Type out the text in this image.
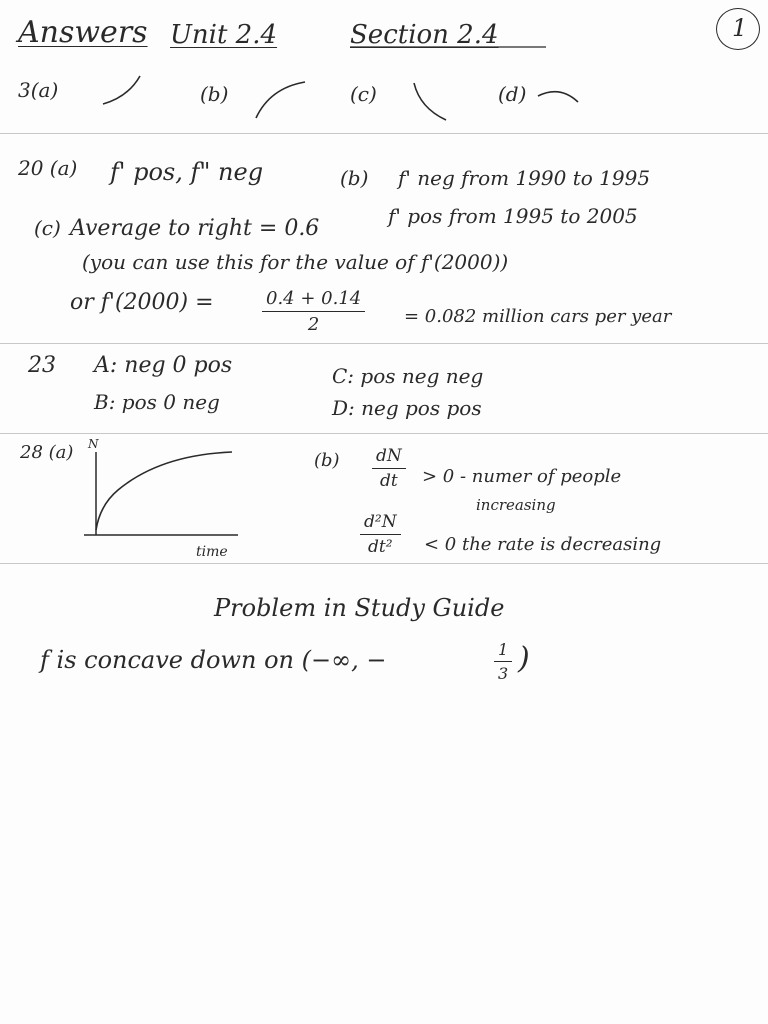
Answers Unit 2.4	Section 2.4	1
3(a)	(b)	(c)	(d)
20 (a) f' pos, f" neg	(b) f' neg from 1990 to 1995
f' pos from 1995 to 2005
(c) Average to right = 0.6
(you can use this for the value of f'(2000))
or f'(2000) =	$\frac{0.4 + 0.14}{2} = 0.082$ million cars per year
23 A: neg 0 pos
B: pos 0 neg
C: pos neg neg
D: neg pos pos
28 (a) N
time
$(b) \frac{dN}{dt} > 0$ - numer of people
increasing
$\frac{\text{d²N}}{\text{dt²}} < 0$ the rate is decreasing
Problem in Study Guide
f is concave down on (−∞, −	$\frac{1}{3}$ )
